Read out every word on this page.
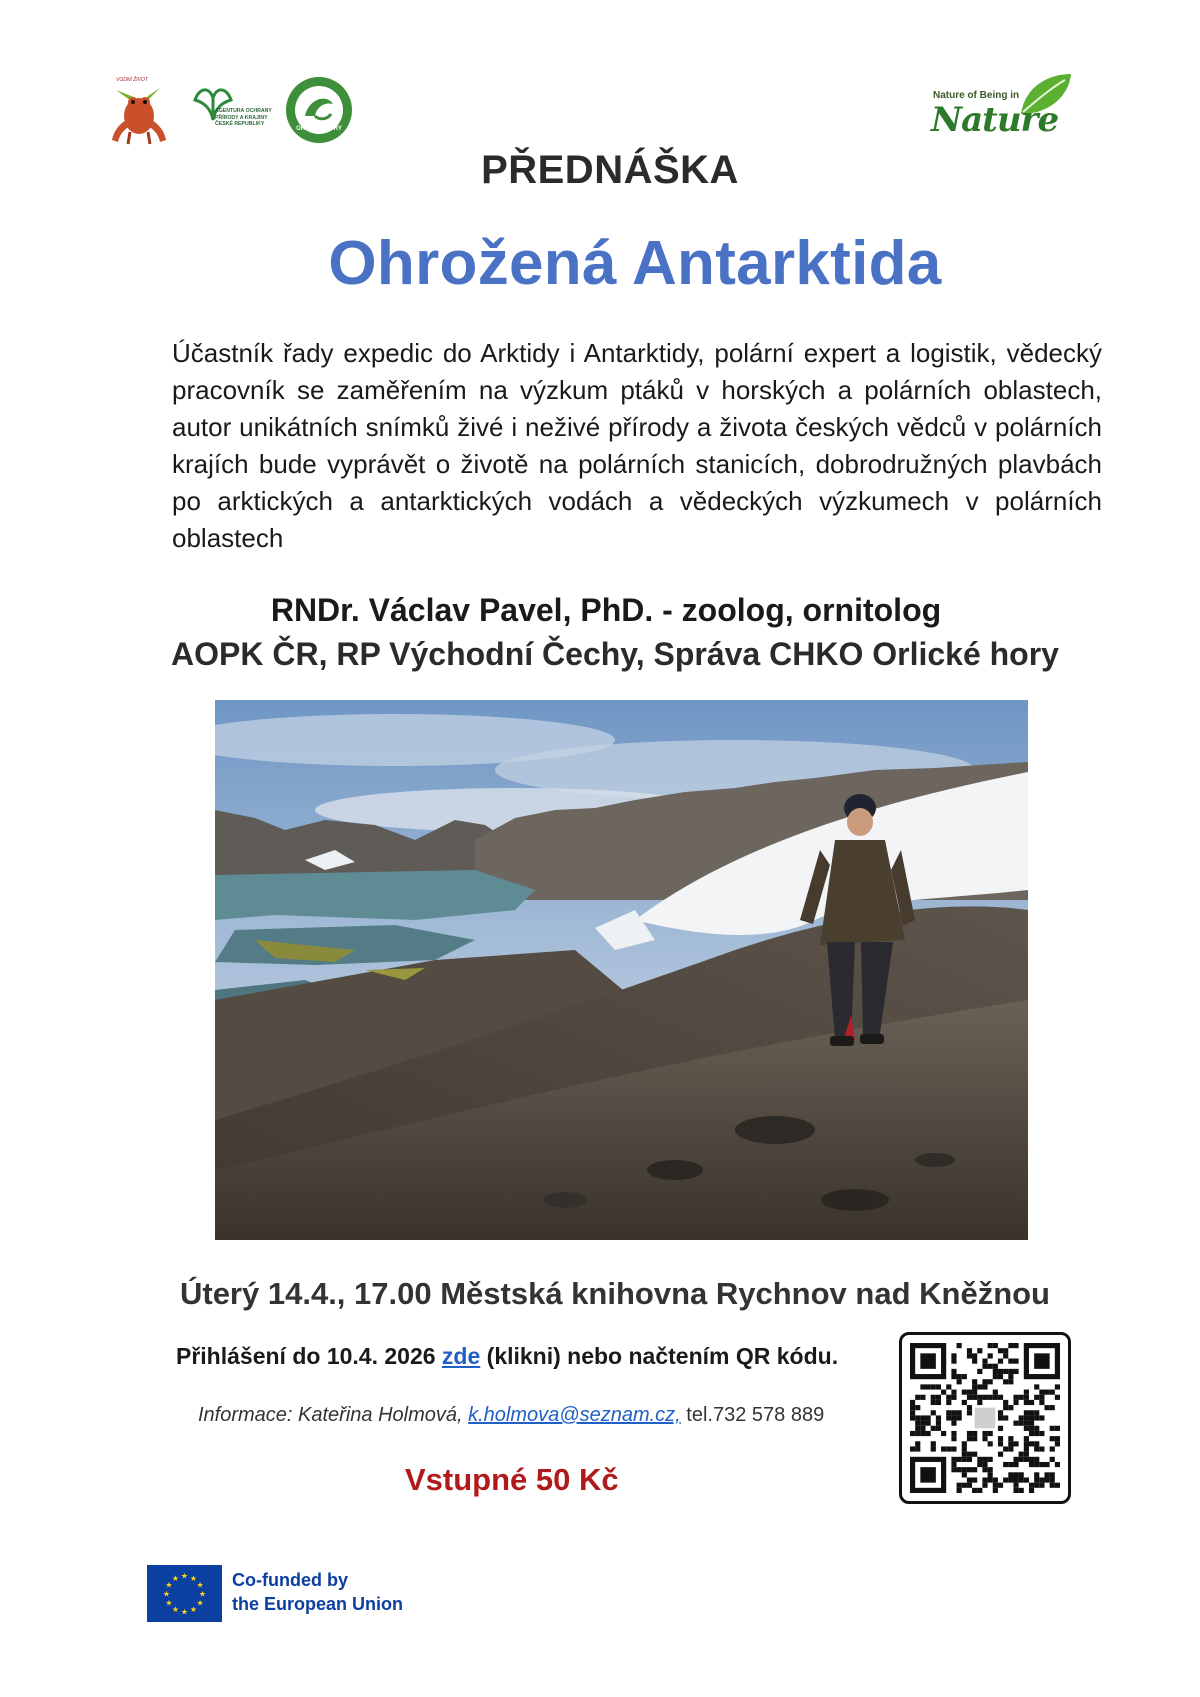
VODNÍ ŽIVOT
AGENTURA OCHRANY
PŘÍRODY A KRAJINY
ČESKÉ REPUBLIKY
ORLICKÉ HORY
Nature of Being in
Nature
PŘEDNÁŠKA
Ohrožená Antarktida
Účastník řady expedic do Arktidy i Antarktidy, polární expert a logistik, vědecký pracovník se zaměřením na výzkum ptáků v horských a polárních oblastech, autor unikátních snímků živé i neživé přírody a života českých vědců v polárních krajích bude vyprávět o životě na polárních stanicích, dobrodružných plavbách po arktických a antarktických vodách a vědeckých výzkumech v polárních oblastech
RNDr. Václav Pavel, PhD. - zoolog, ornitolog
AOPK ČR, RP Východní Čechy, Správa CHKO Orlické hory
Úterý 14.4., 17.00 Městská knihovna Rychnov nad Kněžnou
Přihlášení do 10.4. 2026 zde (klikni) nebo načtením QR kódu.
Informace: Kateřina Holmová, k.holmova@seznam.cz, tel.732 578 889
Vstupné 50 Kč
★ ★
★
★
★
★
★
★
★
★
★
★	Co-funded by
the European Union
